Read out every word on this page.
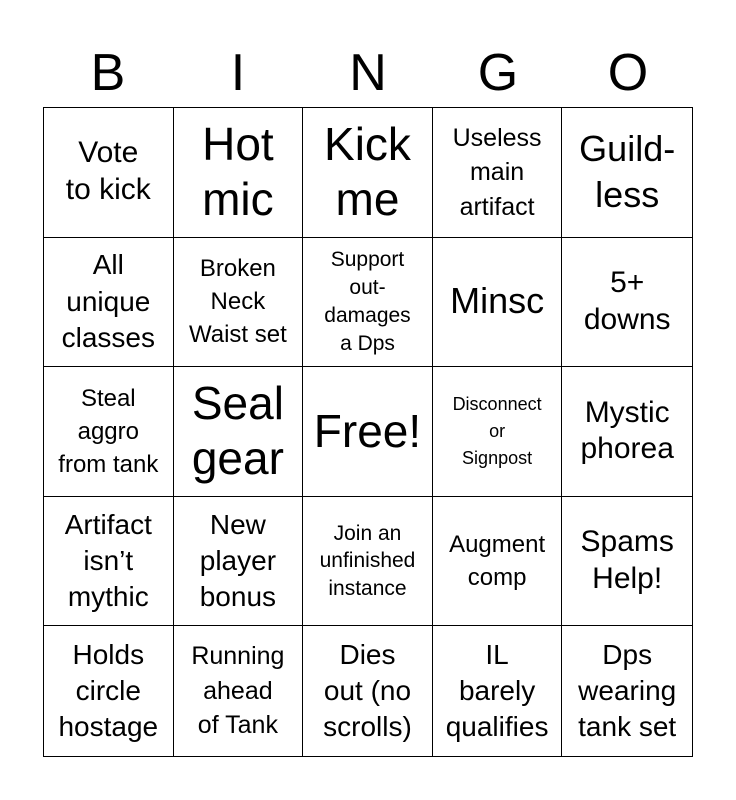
B	I	N	G	O
Vote
to kick
Hot
mic
Kick
me
Useless
main
artifact
Guild-
less
All
unique
classes
Broken
Neck
Waist set
Support
out-
damages
a Dps
Minsc	5+
downs
Steal
aggro
from tank
Seal
gear
Free!
Disconnect
or
Signpost
Mystic
phorea
Artifact
isn’t
mythic
New
player
bonus
Join an
unfinished
instance
Augment
comp
Spams
Help!
Holds
circle
hostage
Running
ahead
of Tank
Dies
out (no
scrolls)
IL
barely
qualifies
Dps
wearing
tank set
